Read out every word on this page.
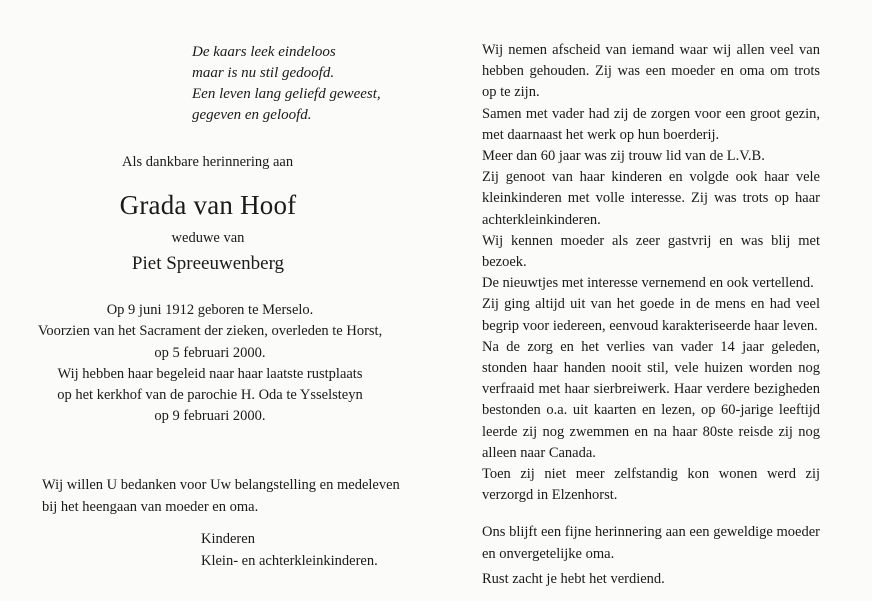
De kaars leek eindeloos
maar is nu stil gedoofd.
Een leven lang geliefd geweest,
gegeven en geloofd.
Als dankbare herinnering aan
Grada van Hoof
weduwe van
Piet Spreeuwenberg
Op 9 juni 1912 geboren te Merselo.
Voorzien van het Sacrament der zieken, overleden te Horst,
op 5 februari 2000.
Wij hebben haar begeleid naar haar laatste rustplaats
op het kerkhof van de parochie H. Oda te Ysselsteyn
op 9 februari 2000.
Wij willen U bedanken voor Uw belangstelling en medeleven
bij het heengaan van moeder en oma.
Kinderen
Klein- en achterkleinkinderen.
Wij nemen afscheid van iemand waar wij allen veel van hebben gehouden. Zij was een moeder en oma om trots op te zijn.
Samen met vader had zij de zorgen voor een groot gezin, met daarnaast het werk op hun boerderij.
Meer dan 60 jaar was zij trouw lid van de L.V.B.
Zij genoot van haar kinderen en volgde ook haar vele kleinkinderen met volle interesse. Zij was trots op haar achterkleinkinderen.
Wij kennen moeder als zeer gastvrij en was blij met bezoek.
De nieuwtjes met interesse vernemend en ook vertellend.
Zij ging altijd uit van het goede in de mens en had veel begrip voor iedereen, eenvoud karakteriseerde haar leven.
Na de zorg en het verlies van vader 14 jaar geleden, stonden haar handen nooit stil, vele huizen worden nog verfraaid met haar sierbreiwerk. Haar verdere bezigheden bestonden o.a. uit kaarten en lezen, op 60-jarige leeftijd leerde zij nog zwemmen en na haar 80ste reisde zij nog alleen naar Canada.
Toen zij niet meer zelfstandig kon wonen werd zij verzorgd in Elzenhorst.
Ons blijft een fijne herinnering aan een geweldige moeder en onvergetelijke oma.
Rust zacht je hebt het verdiend.
